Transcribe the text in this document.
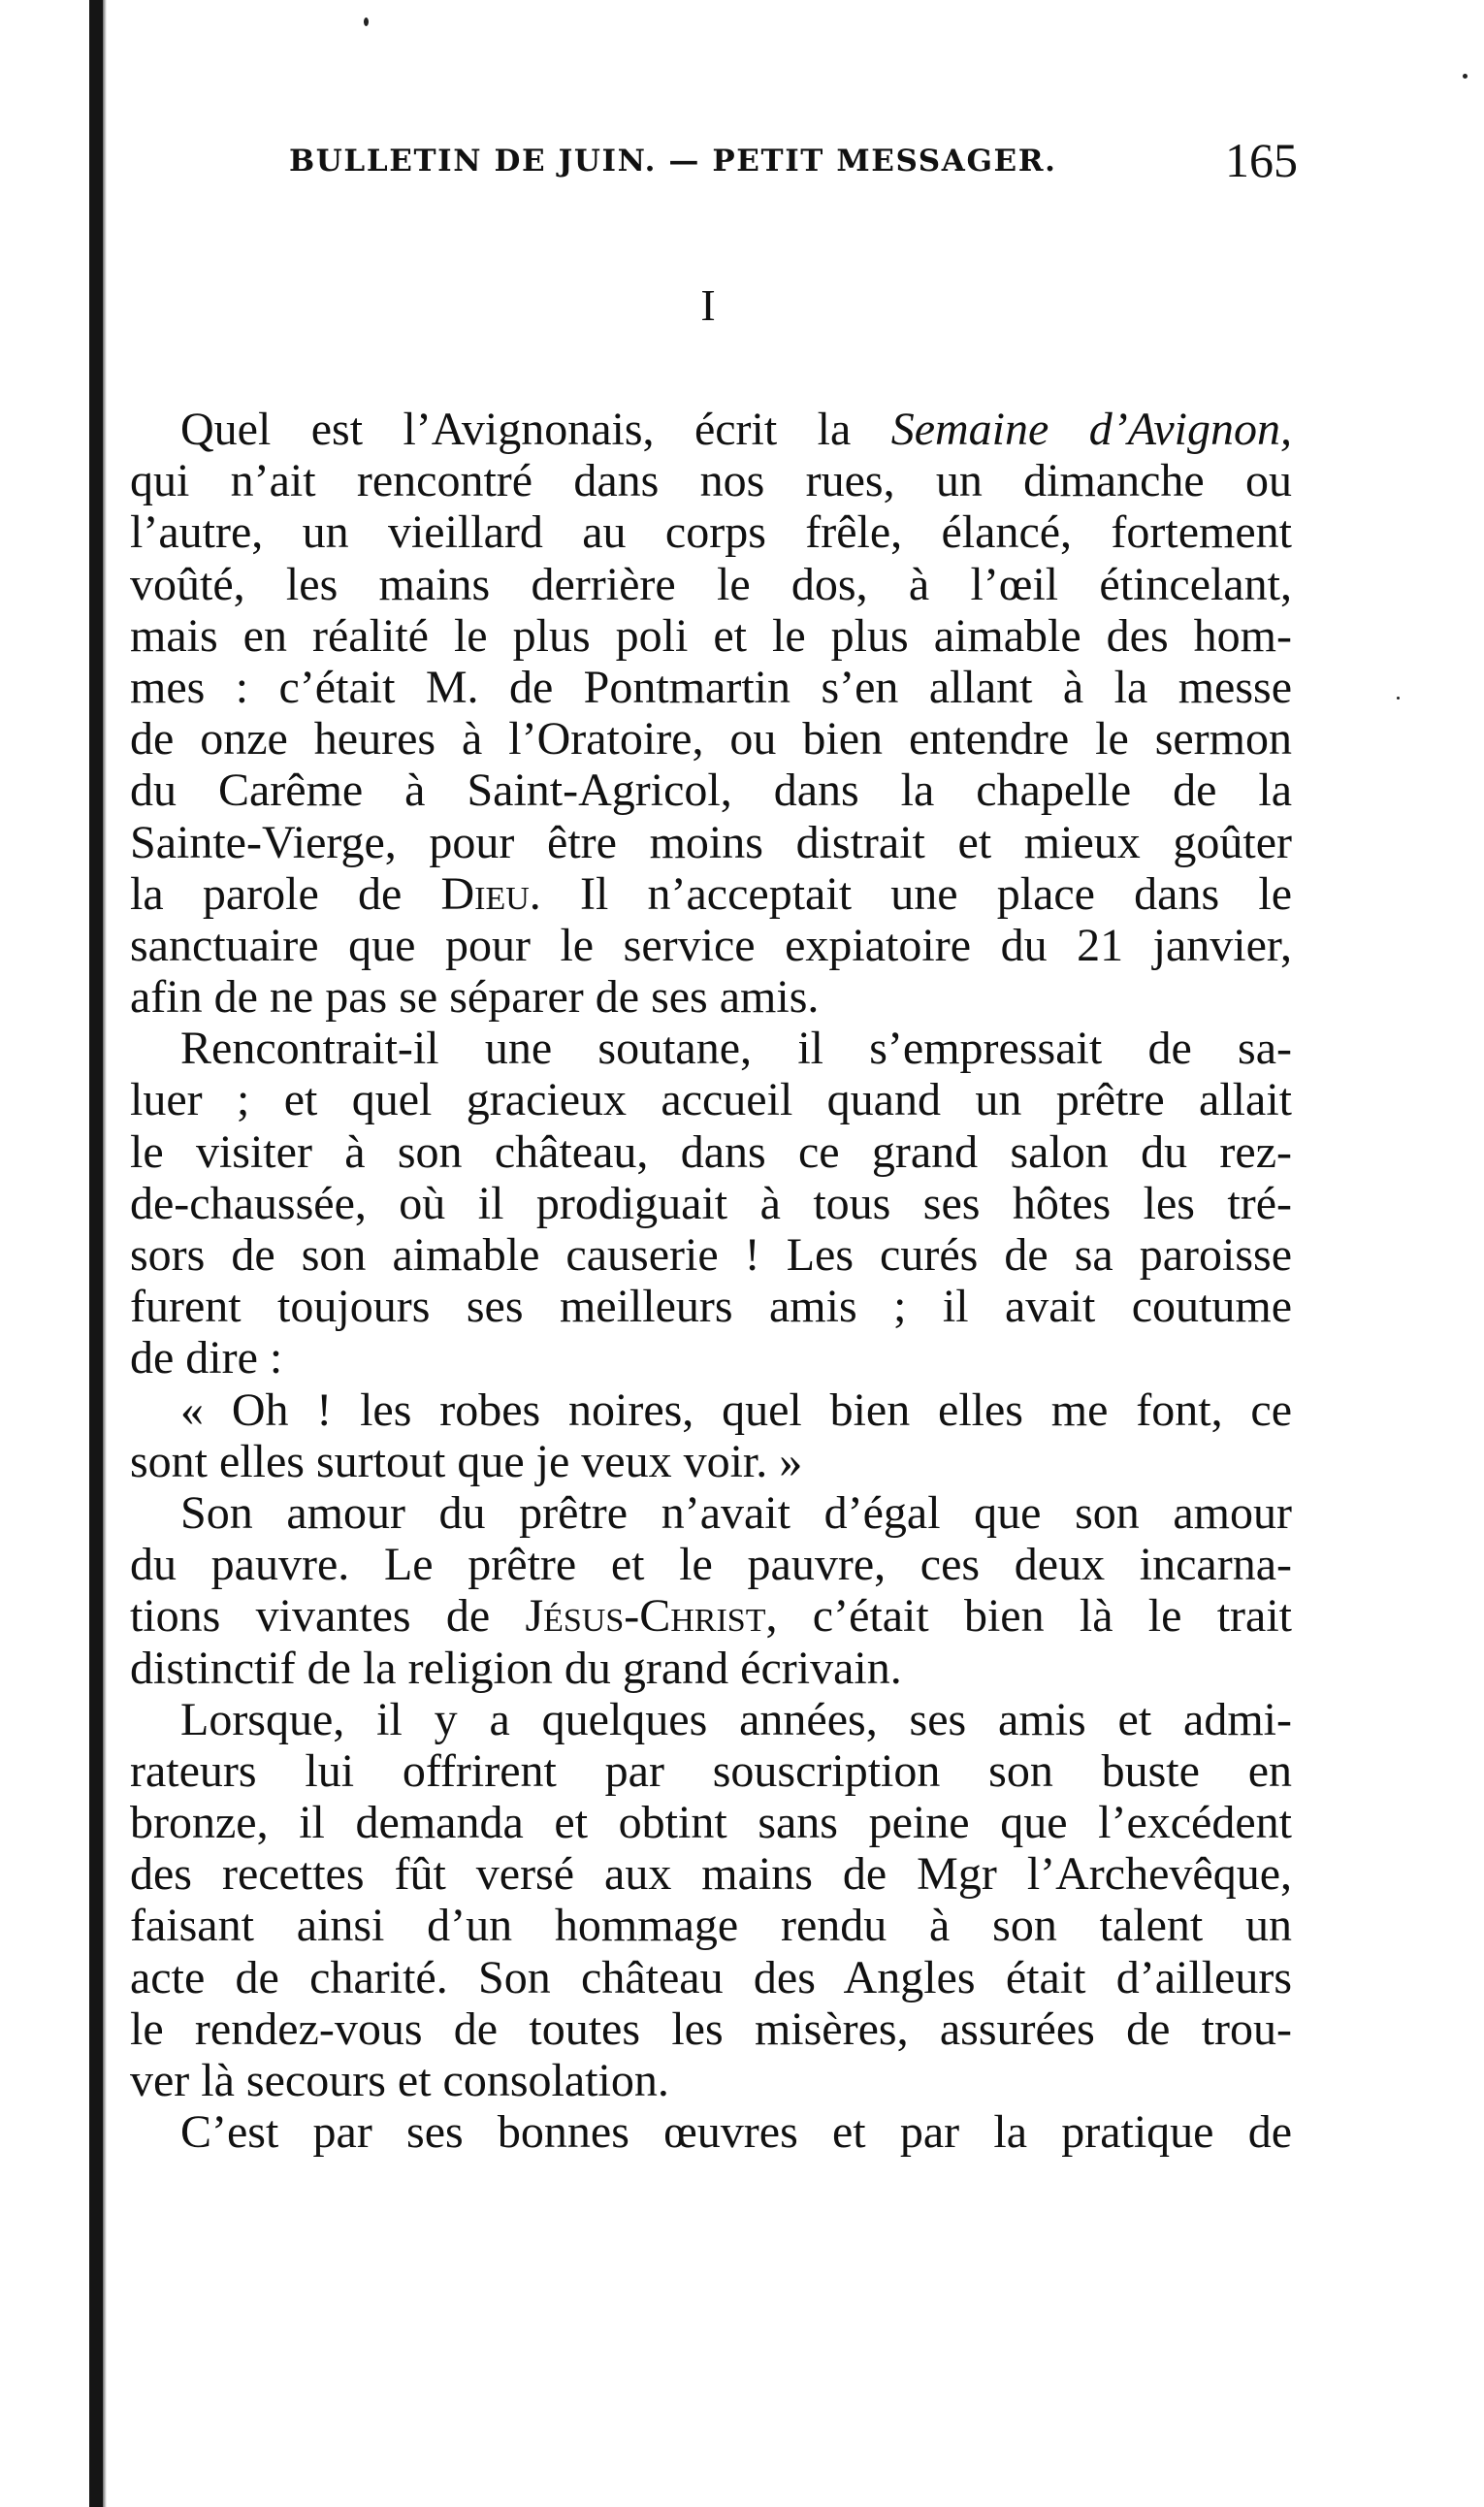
BULLETIN DE JUIN. — PETIT MESSAGER.	165
I
Quel est l’Avignonais, écrit la Semaine d’Avignon,
qui n’ait rencontré dans nos rues, un dimanche ou
l’autre, un vieillard au corps frêle, élancé, fortement
voûté, les mains derrière le dos, à l’œil étincelant,
mais en réalité le plus poli et le plus aimable des hom-
mes : c’était M. de Pontmartin s’en allant à la messe
de onze heures à l’Oratoire, ou bien entendre le sermon
du Carême à Saint-Agricol, dans la chapelle de la
Sainte-Vierge, pour être moins distrait et mieux goûter
la parole de Dieu. Il n’acceptait une place dans le
sanctuaire que pour le service expiatoire du 21 janvier,
afin de ne pas se séparer de ses amis.
Rencontrait-il une soutane, il s’empressait de sa-
luer ; et quel gracieux accueil quand un prêtre allait
le visiter à son château, dans ce grand salon du rez-
de-chaussée, où il prodiguait à tous ses hôtes les tré-
sors de son aimable causerie ! Les curés de sa paroisse
furent toujours ses meilleurs amis ; il avait coutume
de dire :
« Oh ! les robes noires, quel bien elles me font, ce
sont elles surtout que je veux voir. »
Son amour du prêtre n’avait d’égal que son amour
du pauvre. Le prêtre et le pauvre, ces deux incarna-
tions vivantes de Jésus-Christ, c’était bien là le trait
distinctif de la religion du grand écrivain.
Lorsque, il y a quelques années, ses amis et admi-
rateurs lui offrirent par souscription son buste en
bronze, il demanda et obtint sans peine que l’excédent
des recettes fût versé aux mains de Mgr l’Archevêque,
faisant ainsi d’un hommage rendu à son talent un
acte de charité. Son château des Angles était d’ailleurs
le rendez-vous de toutes les misères, assurées de trou-
ver là secours et consolation.
C’est par ses bonnes œuvres et par la pratique de
